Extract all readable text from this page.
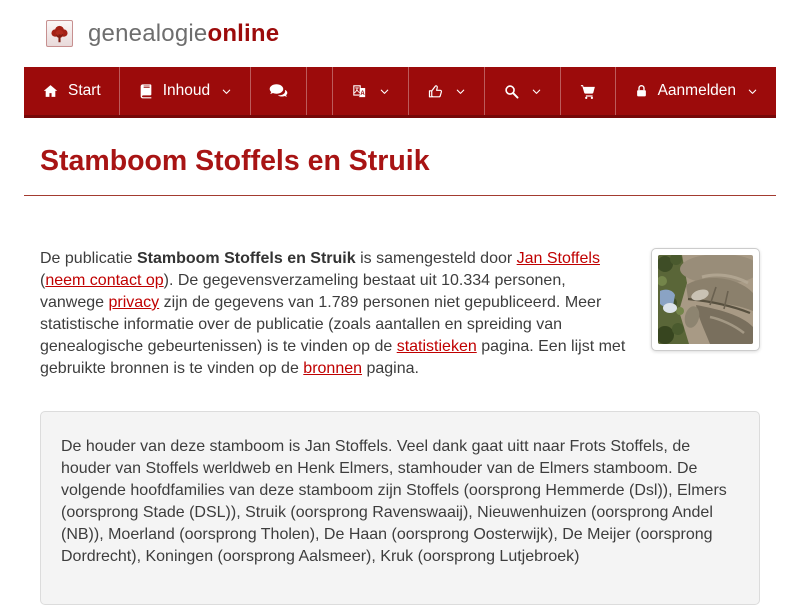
genealogieonline
Start	Inhoud	A	Aanmelden
Stamboom Stoffels en Struik

De publicatie Stamboom Stoffels en Struik is samengesteld door Jan Stoffels (neem contact op). De gegevensverzameling bestaat uit 10.334 personen, vanwege privacy zijn de gegevens van 1.789 personen niet gepubliceerd. Meer statistische informatie over de publicatie (zoals aantallen en spreiding van genealogische gebeurtenissen) is te vinden op de statistieken pagina. Een lijst met gebruikte bronnen is te vinden op de bronnen pagina.

De houder van deze stamboom is Jan Stoffels. Veel dank gaat uitt naar Frots Stoffels, de houder van Stoffels werldweb en Henk Elmers, stamhouder van de Elmers stamboom. De volgende hoofdfamilies van deze stamboom zijn Stoffels (oorsprong Hemmerde (Dsl)), Elmers (oorsprong Stade (DSL)), Struik (oorsprong Ravenswaaij), Nieuwenhuizen (oorsprong Andel (NB)), Moerland (oorsprong Tholen), De Haan (oorsprong Oosterwijk), De Meijer (oorsprong Dordrecht), Koningen (oorsprong Aalsmeer), Kruk (oorsprong Lutjebroek)
